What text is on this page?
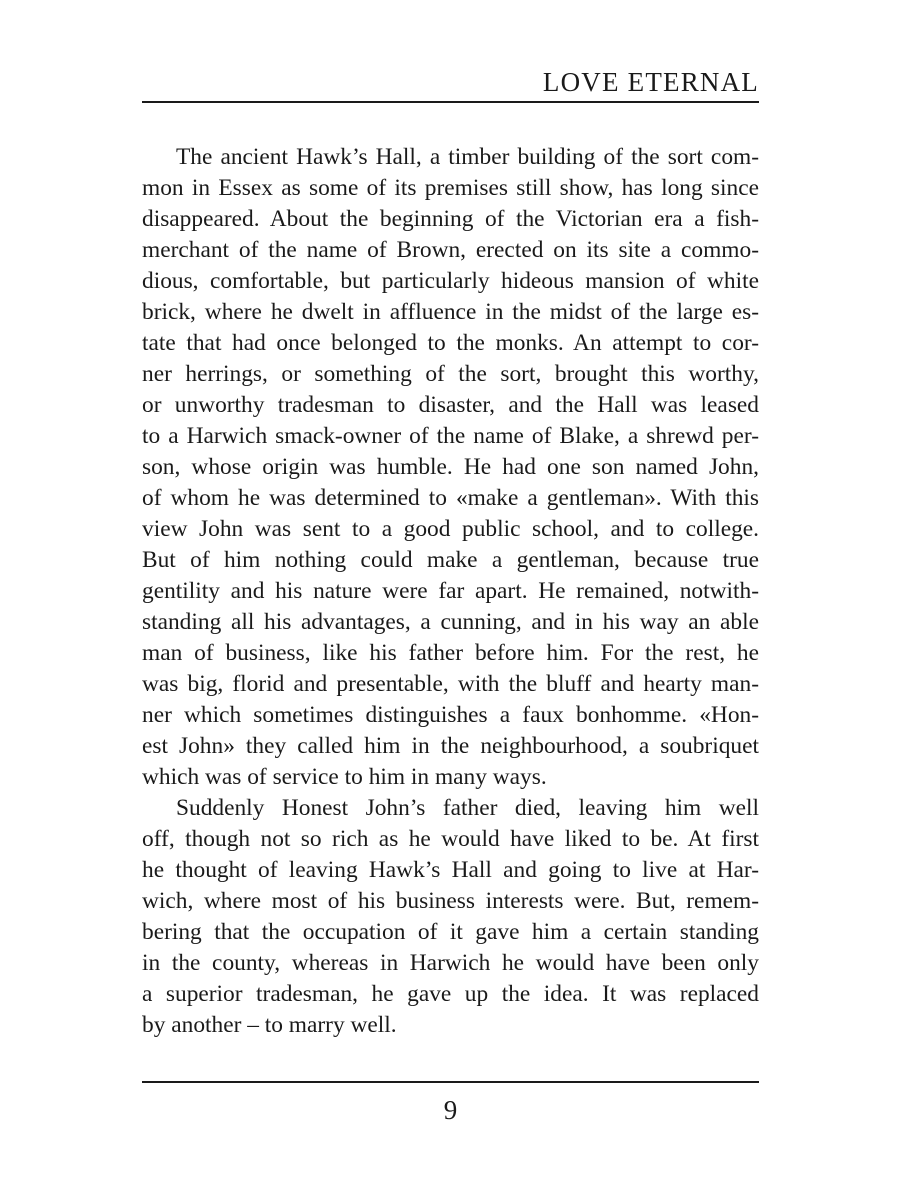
LOVE ETERNAL
The ancient Hawk’s Hall, a timber building of the sort com-
mon in Essex as some of its premises still show, has long since
disappeared. About the beginning of the Victorian era a fish-
merchant of the name of Brown, erected on its site a commo-
dious, comfortable, but particularly hideous mansion of white
brick, where he dwelt in affluence in the midst of the large es-
tate that had once belonged to the monks. An attempt to cor-
ner herrings, or something of the sort, brought this worthy,
or unworthy tradesman to disaster, and the Hall was leased
to a Harwich smack-owner of the name of Blake, a shrewd per-
son, whose origin was humble. He had one son named John,
of whom he was determined to «make a gentleman». With this
view John was sent to a good public school, and to college.
But of him nothing could make a gentleman, because true
gentility and his nature were far apart. He remained, notwith-
standing all his advantages, a cunning, and in his way an able
man of business, like his father before him. For the rest, he
was big, florid and presentable, with the bluff and hearty man-
ner which sometimes distinguishes a faux bonhomme. «Hon-
est John» they called him in the neighbourhood, a soubriquet
which was of service to him in many ways.
Suddenly Honest John’s father died, leaving him well
off, though not so rich as he would have liked to be. At first
he thought of leaving Hawk’s Hall and going to live at Har-
wich, where most of his business interests were. But, remem-
bering that the occupation of it gave him a certain standing
in the county, whereas in Harwich he would have been only
a superior tradesman, he gave up the idea. It was replaced
by another – to marry well.
9
